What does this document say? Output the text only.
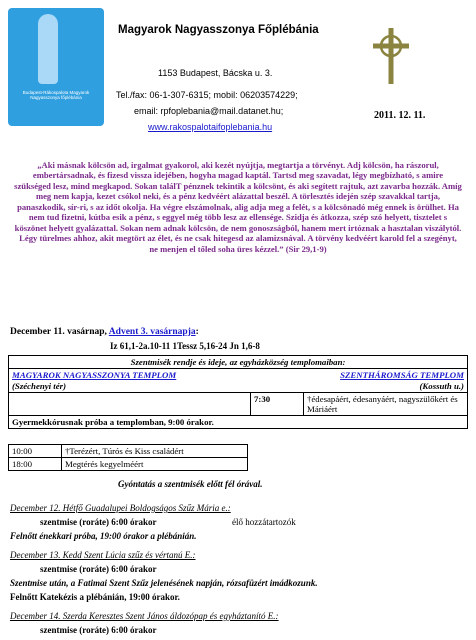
Budapest-Rákospalota Magyarok Nagyasszonya főplébánia
Magyarok Nagyasszonya Főplébánia
1153 Budapest, Bácska u. 3.
Tel./fax: 06-1-307-6315; mobil: 06203574229;
email: rpfoplebania@mail.datanet.hu;
www.rakospalotaifoplebania.hu
2011. 12. 11.
„Aki másnak kölcsön ad, irgalmat gyakorol, aki kezét nyújtja, megtartja a törvényt. Adj kölcsön, ha rászorul, embertársadnak, és fizesd vissza idejében, hogyha magad kaptál. Tartsd meg szavadat, légy megbízható, s amire szükséged lesz, mind megkapod. Sokan találT pénznek tekintik a kölcsönt, és aki segített rajtuk, azt zavarba hozzák. Amíg meg nem kapja, kezet csókol neki, és a pénz kedvéért alázattal beszél. A törlesztés idején szép szavakkal tartja, panaszkodik, sír-ri, s az időt okolja. Ha végre elszámolnak, alig adja meg a felét, s a kölcsönadó még ennek is örülhet. Ha nem tud fizetni, kútba esik a pénz, s eggyel még több lesz az ellensége. Szidja és átkozza, szép szó helyett, tisztelet s köszönet helyett gyalázattal. Sokan nem adnak kölcsön, de nem gonoszságból, hanem mert irtóznak a hasztalan viszálytól. Légy türelmes ahhoz, akit megtört az élet, és ne csak hitegesd az alamizsnával. A törvény kedvéért karold fel a szegényt, ne menjen el tőled soha üres kézzel.” (Sir 29,1-9)
December 11. vasárnap, Advent 3. vasárnapja:
Iz 61,1-2a.10-11 1Tessz 5,16-24 Jn 1,6-8
Szentmisék rendje és ideje, az egyházközség templomaiban:

MAGYAROK NAGYASSZONYA TEMPLOM	SZENTHÁROMSÁG TEMPLOM
(Széchenyi tér)	(Kossuth u.)

	7:30	†édesapáért, édesanyáért, nagyszülőkért és Máriáért
Gyermekkórusnak próba a templomban, 9:00 órakor.
10:00	†Terézért, Túrós és Kiss családért
18:00	Megtérés kegyelméért
Gyóntatás a szentmisék előtt fél órával.
December 12. Hétfő Guadalupei Boldogságos Szűz Mária e.:
szentmise (roráte) 6:00 órakor	élő hozzátartozók
Felnőtt énekkari próba, 19:00 órakor a plébánián.
December 13. Kedd Szent Lúcia szűz és vértanú E.:
szentmise (roráte) 6:00 órakor
Szentmise után, a Fatimai Szent Szűz jelenésének napján, rózsafüzért imádkozunk.
Felnőtt Katekézis a plébánián, 19:00 órakor.
December 14. Szerda Keresztes Szent János áldozópap és egyháztanító E.:
szentmise (roráte) 6:00 órakor
